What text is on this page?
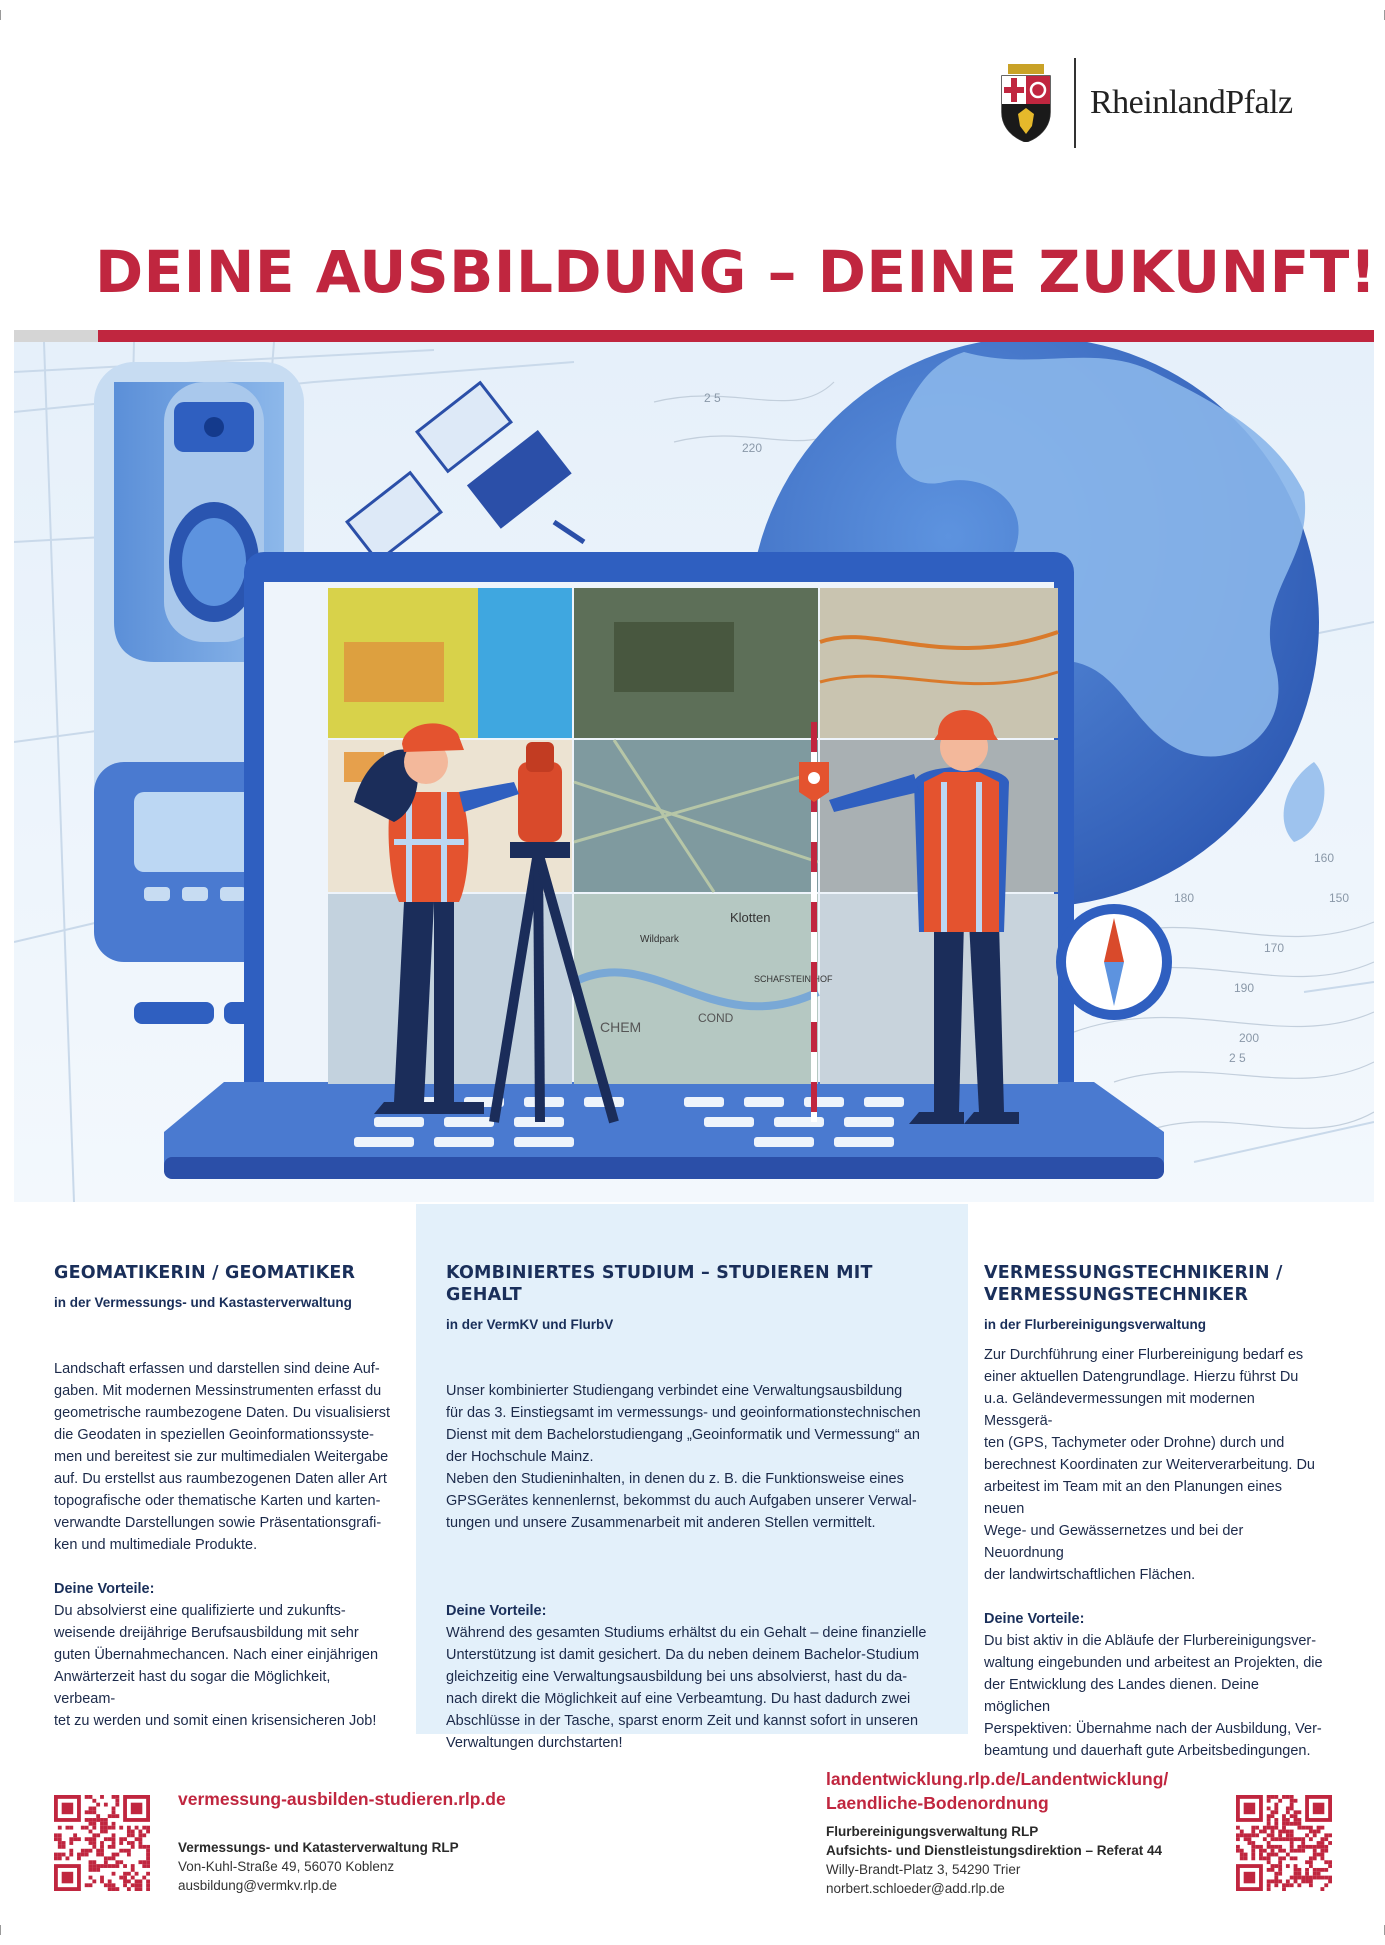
RheinlandPfalz
DEINE AUSBILDUNG – DEINE ZUKUNFT!
160
150
180
170
190
200
220
2 5
2 5
Klotten
Wildpark
SCHAFSTEIN HOF
CHEM
COND
GEOMATIKERIN / GEOMATIKER
in der Vermessungs- und Kastasterverwaltung

Landschaft erfassen und darstellen sind deine Auf-

gaben. Mit modernen Messinstrumenten erfasst du

geometrische raumbezogene Daten. Du visualisierst

die Geodaten in speziellen Geoinformationssyste-

men und bereitest sie zur multimedialen Weitergabe

auf. Du erstellst aus raumbezogenen Daten aller Art

topografische oder thematische Karten und karten-

verwandte Darstellungen sowie Präsentationsgrafi-

ken und multimediale Produkte.

Deine Vorteile:

Du absolvierst eine qualifizierte und zukunfts-

weisende dreijährige Berufsausbildung mit sehr

guten Übernahmechancen. Nach einer einjährigen

Anwärterzeit hast du sogar die Möglichkeit, verbeam-

tet zu werden und somit einen krisensicheren Job!

KOMBINIERTES STUDIUM – STUDIEREN MIT GEHALT
in der VermKV und FlurbV

Unser kombinierter Studiengang verbindet eine Verwaltungsausbildung

für das 3. Einstiegsamt im vermessungs- und geoinformationstechnischen

Dienst mit dem Bachelorstudiengang „Geoinformatik und Vermessung“ an

der Hochschule Mainz.

Neben den Studieninhalten, in denen du z. B. die Funktionsweise eines

GPSGerätes kennenlernst, bekommst du auch Aufgaben unserer Verwal-

tungen und unsere Zusammenarbeit mit anderen Stellen vermittelt.

Deine Vorteile:

Während des gesamten Studiums erhältst du ein Gehalt – deine finanzielle

Unterstützung ist damit gesichert. Da du neben deinem Bachelor-Studium

gleichzeitig eine Verwaltungsausbildung bei uns absolvierst, hast du da-

nach direkt die Möglichkeit auf eine Verbeamtung. Du hast dadurch zwei

Abschlüsse in der Tasche, sparst enorm Zeit und kannst sofort in unseren

Verwaltungen durchstarten!

VERMESSUNGSTECHNIKERIN /
VERMESSUNGSTECHNIKER
in der Flurbereinigungsverwaltung

Zur Durchführung einer Flurbereinigung bedarf es

einer aktuellen Datengrundlage. Hierzu führst Du

u.a. Geländevermessungen mit modernen Messgerä-

ten (GPS, Tachymeter oder Drohne) durch und

berechnest Koordinaten zur Weiterverarbeitung. Du

arbeitest im Team mit an den Planungen eines neuen

Wege- und Gewässernetzes und bei der Neuordnung

der landwirtschaftlichen Flächen.

Deine Vorteile:

Du bist aktiv in die Abläufe der Flurbereinigungsver-

waltung eingebunden und arbeitest an Projekten, die

der Entwicklung des Landes dienen. Deine möglichen

Perspektiven: Übernahme nach der Ausbildung, Ver-

beamtung und dauerhaft gute Arbeitsbedingungen.

vermessung-ausbilden-studieren.rlp.de
Vermessungs- und Katasterverwaltung RLP
Von-Kuhl-Straße 49, 56070 Koblenz
ausbildung@vermkv.rlp.de
landentwicklung.rlp.de/Landentwicklung/
Laendliche-Bodenordnung
Flurbereinigungsverwaltung RLP
Aufsichts- und Dienstleistungsdirektion – Referat 44
Willy-Brandt-Platz 3, 54290 Trier
norbert.schloeder@add.rlp.de
